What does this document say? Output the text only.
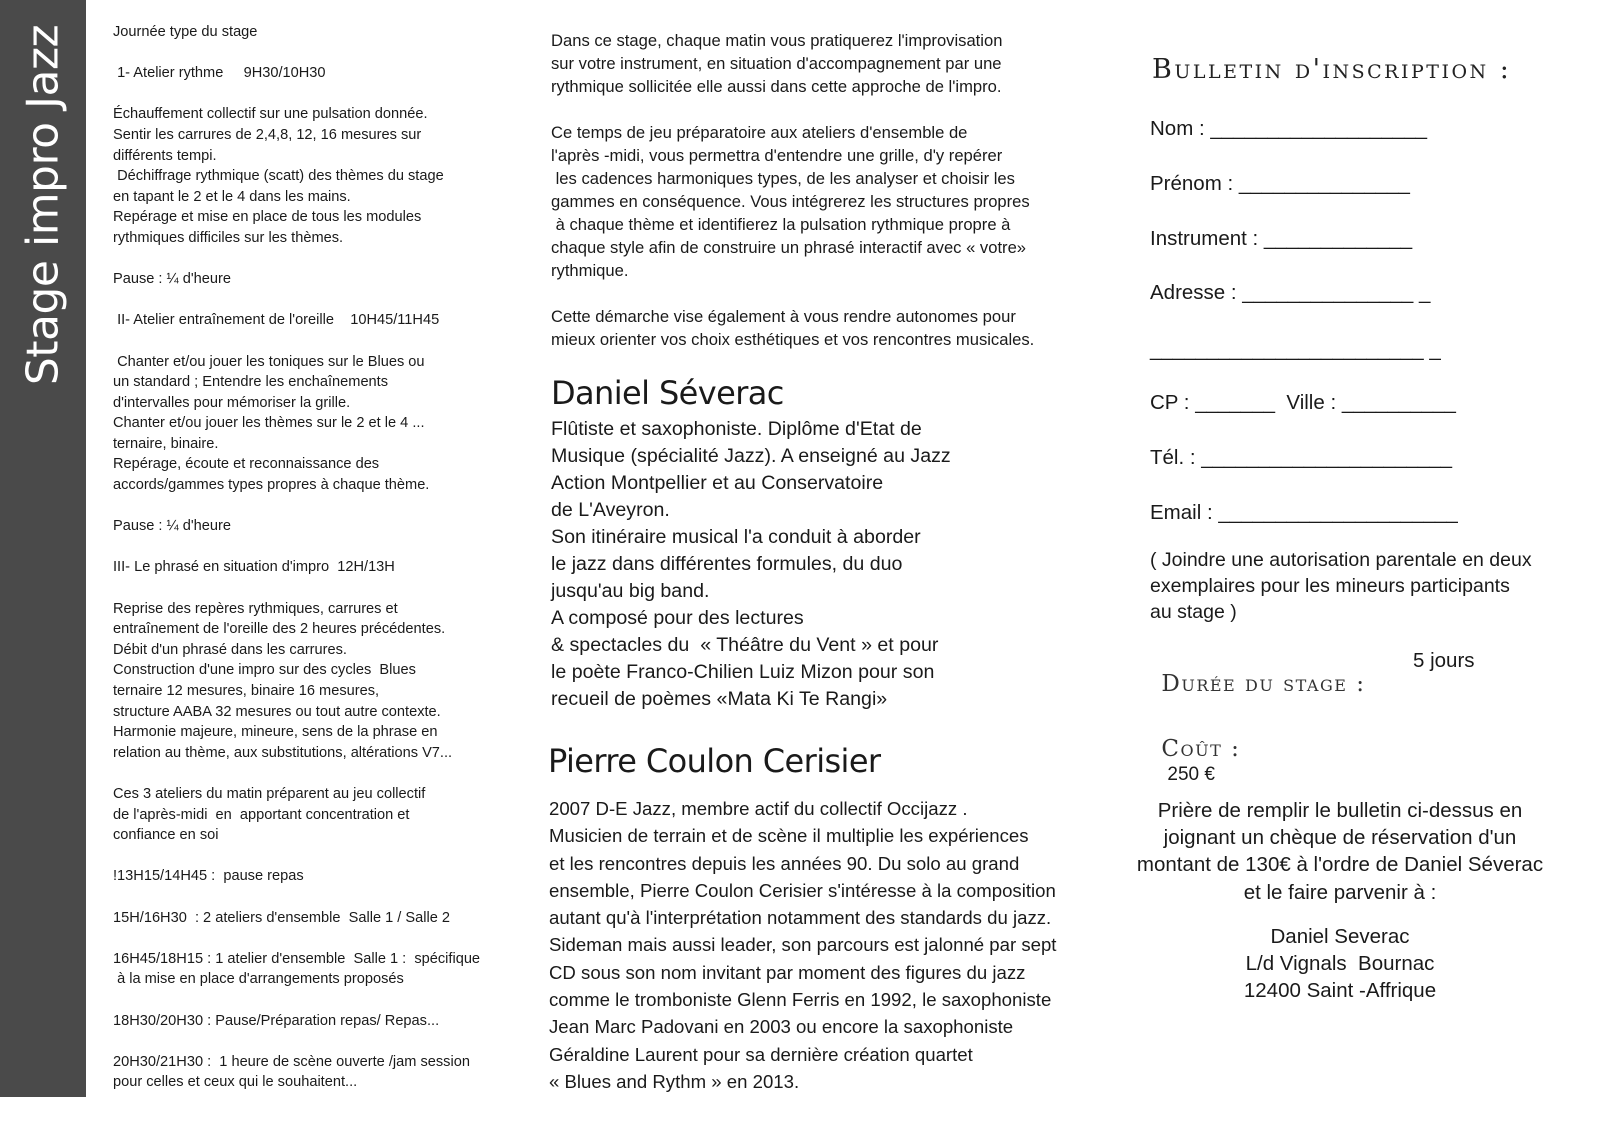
Stage impro Jazz	Journée type du stage

1- Atelier rythme     9H30/10H30

Échauffement collectif sur une pulsation donnée.
Sentir les carrures de 2,4,8, 12, 16 mesures sur
différents tempi.
Déchiffrage rythmique (scatt) des thèmes du stage
en tapant le 2 et le 4 dans les mains.
Repérage et mise en place de tous les modules
rythmiques difficiles sur les thèmes.

Pause : ¼ d'heure

II- Atelier entraînement de l'oreille    10H45/11H45

Chanter et/ou jouer les toniques sur le Blues ou
un standard ; Entendre les enchaînements
d'intervalles pour mémoriser la grille.
Chanter et/ou jouer les thèmes sur le 2 et le 4 ...
ternaire, binaire.
Repérage, écoute et reconnaissance des
accords/gammes types propres à chaque thème.

Pause : ¼ d'heure

III- Le phrasé en situation d'impro  12H/13H

Reprise des repères rythmiques, carrures et
entraînement de l'oreille des 2 heures précédentes.
Débit d'un phrasé dans les carrures.
Construction d'une impro sur des cycles  Blues
ternaire 12 mesures, binaire 16 mesures,
structure AABA 32 mesures ou tout autre contexte.
Harmonie majeure, mineure, sens de la phrase en
relation au thème, aux substitutions, altérations V7...

Ces 3 ateliers du matin préparent au jeu collectif
de l'après-midi  en  apportant concentration et
confiance en soi

!13H15/14H45 :  pause repas

15H/16H30  : 2 ateliers d'ensemble  Salle 1 / Salle 2

16H45/18H15 : 1 atelier d'ensemble  Salle 1 :  spécifique
à la mise en place d'arrangements proposés

18H30/20H30 : Pause/Préparation repas/ Repas...

20H30/21H30 :  1 heure de scène ouverte /jam session
pour celles et ceux qui le souhaitent...

Dans ce stage, chaque matin vous pratiquerez l'improvisation
sur votre instrument, en situation d'accompagnement par une
rythmique sollicitée elle aussi dans cette approche de l'impro.

Ce temps de jeu préparatoire aux ateliers d'ensemble de
l'après -midi, vous permettra d'entendre une grille, d'y repérer
les cadences harmoniques types, de les analyser et choisir les
gammes en conséquence. Vous intégrerez les structures propres
à chaque thème et identifierez la pulsation rythmique propre à
chaque style afin de construire un phrasé interactif avec « votre»
rythmique.

Cette démarche vise également à vous rendre autonomes pour
mieux orienter vos choix esthétiques et vos rencontres musicales.

Daniel Séverac
Flûtiste et saxophoniste. Diplôme d'Etat de
Musique (spécialité Jazz). A enseigné au Jazz
Action Montpellier et au Conservatoire
de L'Aveyron.
Son itinéraire musical l'a conduit à aborder
le jazz dans différentes formules, du duo
jusqu'au big band.
A composé pour des lectures
& spectacles du  « Théâtre du Vent » et pour
le poète Franco-Chilien Luiz Mizon pour son
recueil de poèmes «Mata Ki Te Rangi»
Pierre Coulon Cerisier
2007 D-E Jazz, membre actif du collectif Occijazz .
Musicien de terrain et de scène il multiplie les expériences
et les rencontres depuis les années 90. Du solo au grand
ensemble, Pierre Coulon Cerisier s'intéresse à la composition
autant qu'à l'interprétation notamment des standards du jazz.
Sideman mais aussi leader, son parcours est jalonné par sept
CD sous son nom invitant par moment des figures du jazz
comme le tromboniste Glenn Ferris en 1992, le saxophoniste
Jean Marc Padovani en 2003 ou encore la saxophoniste
Géraldine Laurent pour sa dernière création quartet
« Blues and Rythm » en 2013.
Bulletin d'inscription :
Nom : ___________________
Prénom : _______________
Instrument : _____________
Adresse : _______________ _
________________________ _
CP : _______  Ville : __________
Tél. : ______________________
Email : _____________________
( Joindre une autorisation parentale en deux
exemplaires pour les mineurs participants
au stage )

Durée du stage :

5 jours

Coût :
250 €

Prière de remplir le bulletin ci-dessus en
joignant un chèque de réservation d'un
montant de 130€ à l'ordre de Daniel Séverac
et le faire parvenir à :
Daniel Severac
L/d Vignals  Bournac
12400 Saint -Affrique
